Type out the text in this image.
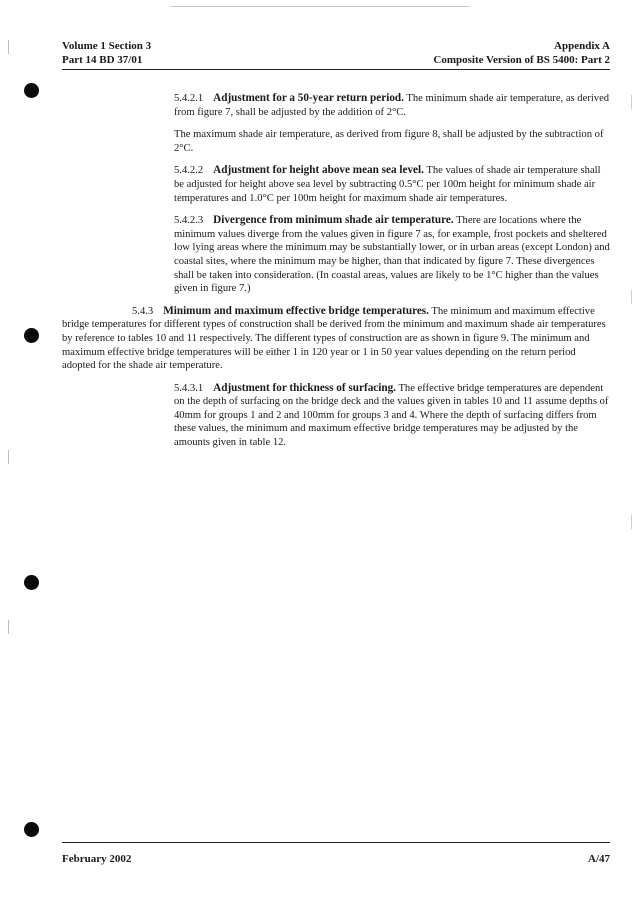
Volume 1 Section 3
Part 14 BD 37/01
Appendix A
Composite Version of BS 5400: Part 2

5.4.2.1 Adjustment for a 50-year return period. The minimum shade air temperature, as derived from figure 7, shall be adjusted by the addition of 2°C.

The maximum shade air temperature, as derived from figure 8, shall be adjusted by the subtraction of 2°C.

5.4.2.2 Adjustment for height above mean sea level. The values of shade air temperature shall be adjusted for height above sea level by subtracting 0.5°C per 100m height for minimum shade air temperatures and 1.0°C per 100m height for maximum shade air temperatures.

5.4.2.3 Divergence from minimum shade air temperature. There are locations where the minimum values diverge from the values given in figure 7 as, for example, frost pockets and sheltered low lying areas where the minimum may be substantially lower, or in urban areas (except London) and coastal sites, where the minimum may be higher, than that indicated by figure 7. These divergences shall be taken into consideration. (In coastal areas, values are likely to be 1°C higher than the values given in figure 7.)

5.4.3 Minimum and maximum effective bridge temperatures. The minimum and maximum effective bridge temperatures for different types of construction shall be derived from the minimum and maximum shade air temperatures by reference to tables 10 and 11 respectively. The different types of construction are as shown in figure 9. The minimum and maximum effective bridge temperatures will be either 1 in 120 year or 1 in 50 year values depending on the return period adopted for the shade air temperature.

5.4.3.1 Adjustment for thickness of surfacing. The effective bridge temperatures are dependent on the depth of surfacing on the bridge deck and the values given in tables 10 and 11 assume depths of 40mm for groups 1 and 2 and 100mm for groups 3 and 4. Where the depth of surfacing differs from these values, the minimum and maximum effective bridge temperatures may be adjusted by the amounts given in table 12.

February 2002	A/47
